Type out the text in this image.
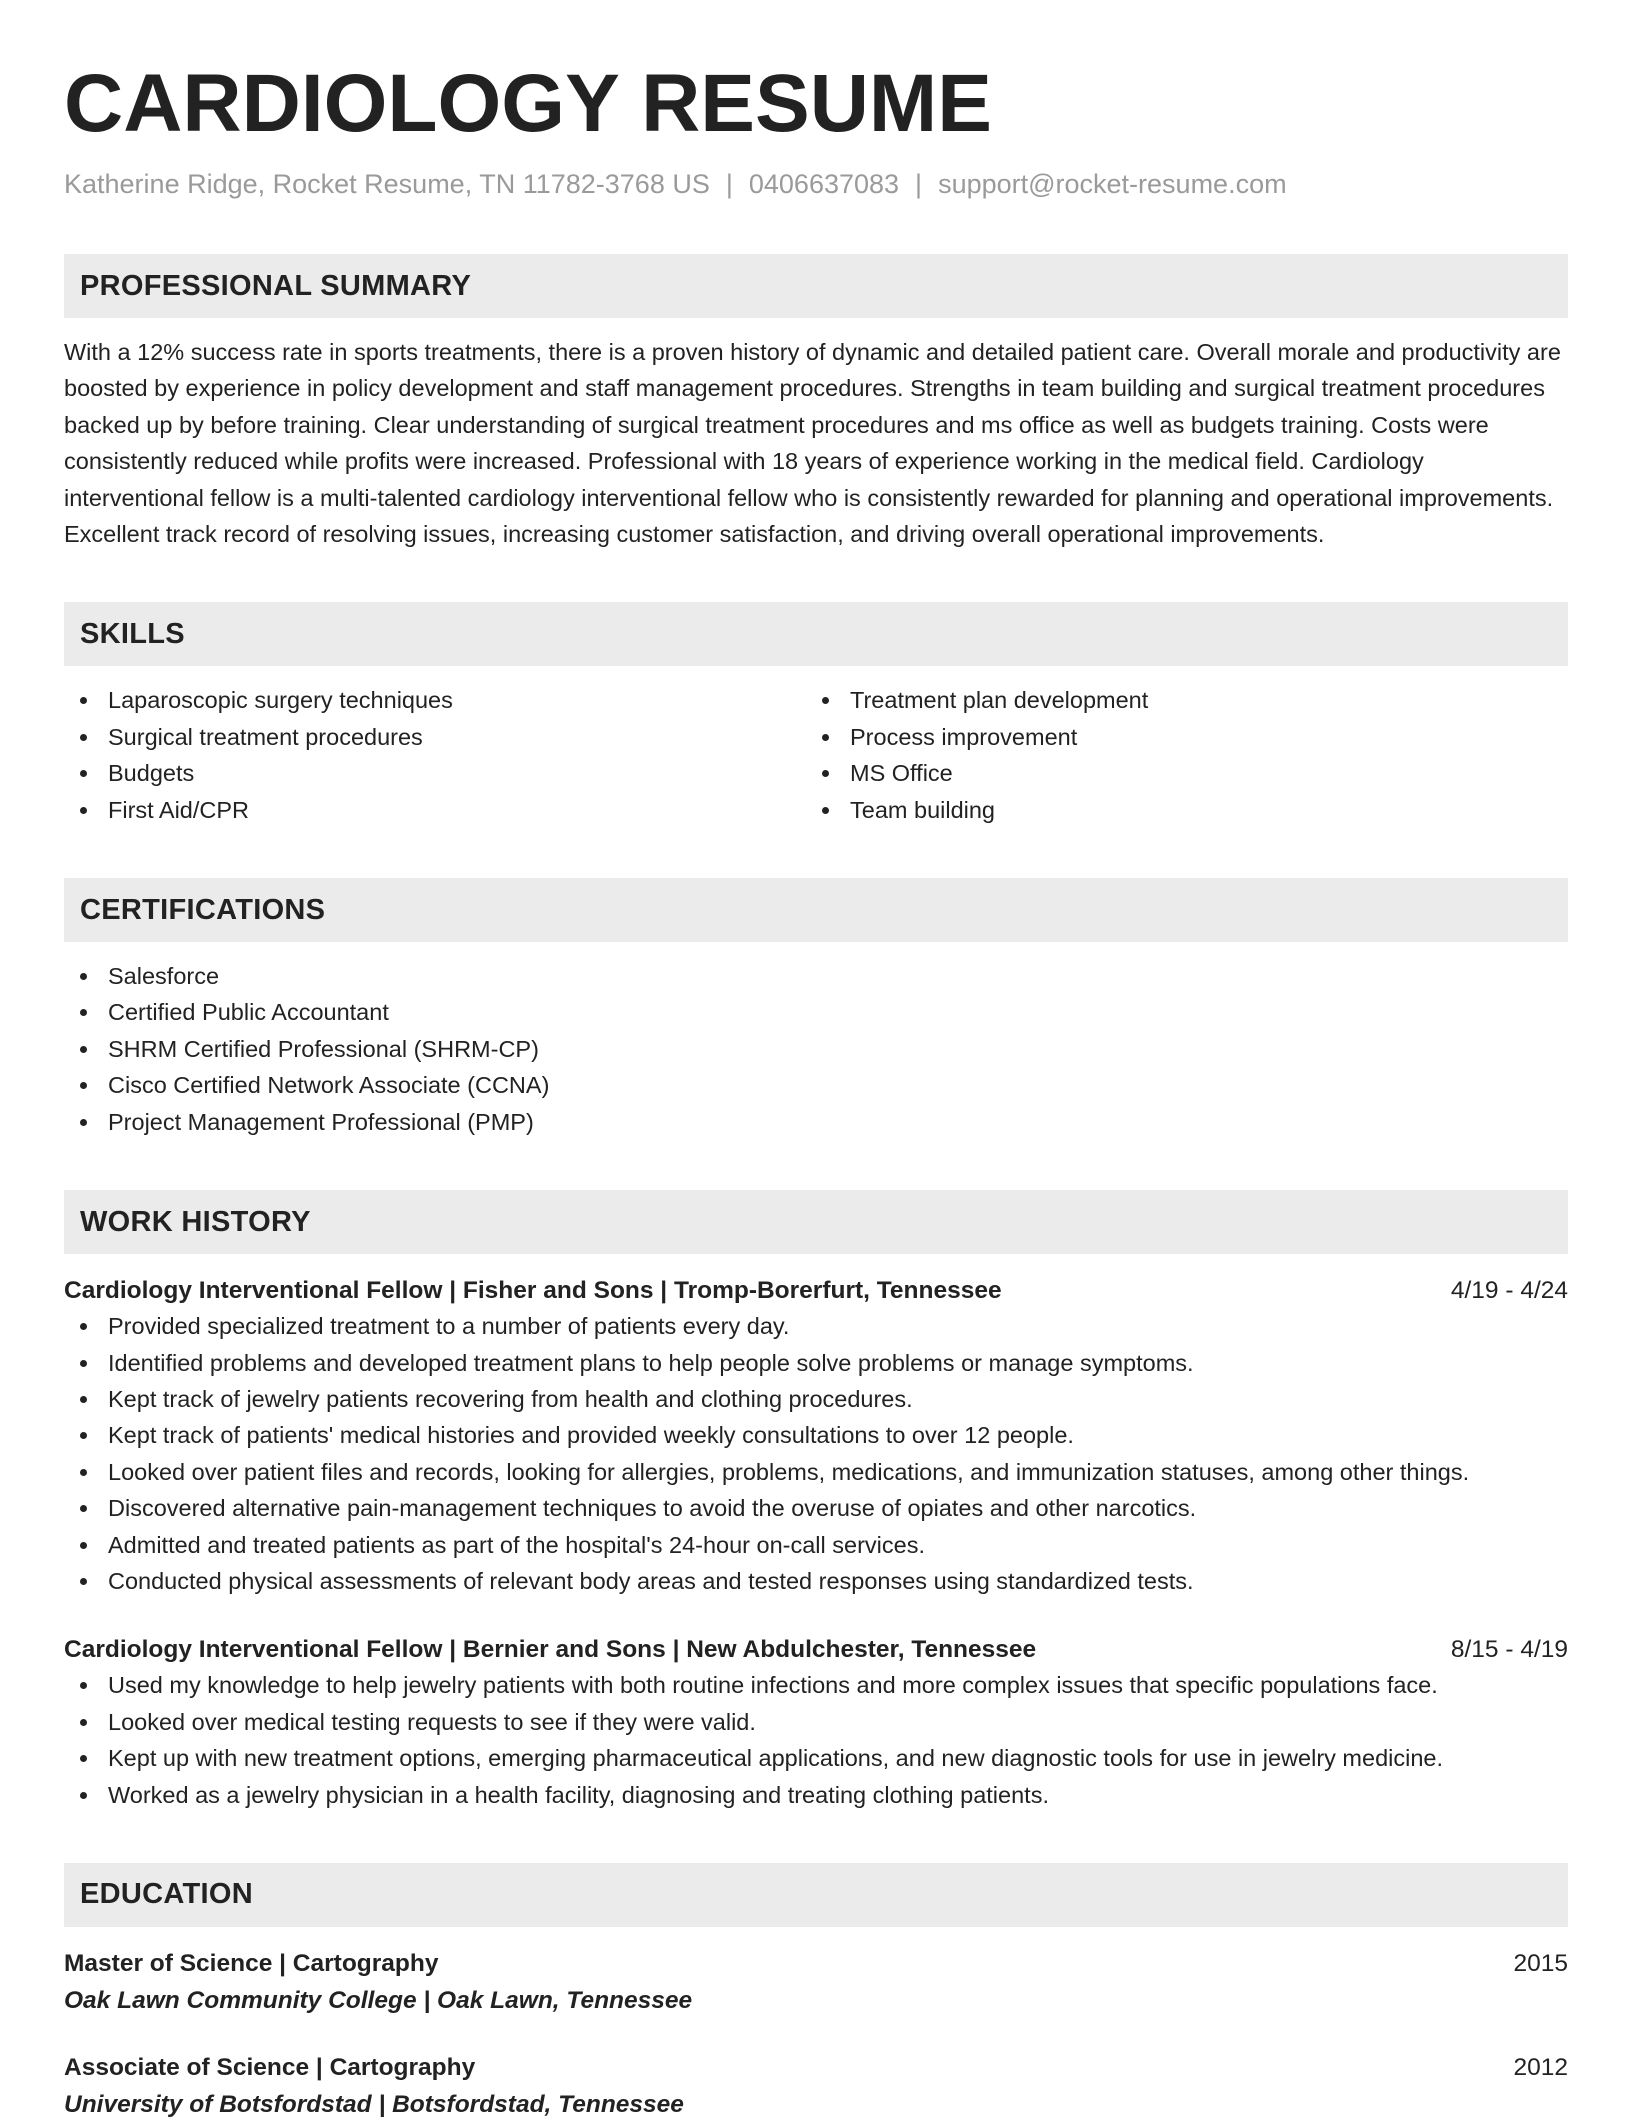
CARDIOLOGY RESUME
Katherine Ridge, Rocket Resume, TN 11782-3768 US | 0406637083 | support@rocket-resume.com
PROFESSIONAL SUMMARY
With a 12% success rate in sports treatments, there is a proven history of dynamic and detailed patient care. Overall morale and productivity are boosted by experience in policy development and staff management procedures. Strengths in team building and surgical treatment procedures backed up by before training. Clear understanding of surgical treatment procedures and ms office as well as budgets training. Costs were consistently reduced while profits were increased. Professional with 18 years of experience working in the medical field. Cardiology interventional fellow is a multi-talented cardiology interventional fellow who is consistently rewarded for planning and operational improvements. Excellent track record of resolving issues, increasing customer satisfaction, and driving overall operational improvements.
SKILLS
Laparoscopic surgery techniques
Surgical treatment procedures
Budgets
First Aid/CPR
Treatment plan development
Process improvement
MS Office
Team building
CERTIFICATIONS
Salesforce
Certified Public Accountant
SHRM Certified Professional (SHRM-CP)
Cisco Certified Network Associate (CCNA)
Project Management Professional (PMP)
WORK HISTORY
Cardiology Interventional Fellow | Fisher and Sons | Tromp-Borerfurt, Tennessee	4/19 - 4/24
Provided specialized treatment to a number of patients every day.
Identified problems and developed treatment plans to help people solve problems or manage symptoms.
Kept track of jewelry patients recovering from health and clothing procedures.
Kept track of patients' medical histories and provided weekly consultations to over 12 people.
Looked over patient files and records, looking for allergies, problems, medications, and immunization statuses, among other things.
Discovered alternative pain-management techniques to avoid the overuse of opiates and other narcotics.
Admitted and treated patients as part of the hospital's 24-hour on-call services.
Conducted physical assessments of relevant body areas and tested responses using standardized tests.
Cardiology Interventional Fellow | Bernier and Sons | New Abdulchester, Tennessee	8/15 - 4/19
Used my knowledge to help jewelry patients with both routine infections and more complex issues that specific populations face.
Looked over medical testing requests to see if they were valid.
Kept up with new treatment options, emerging pharmaceutical applications, and new diagnostic tools for use in jewelry medicine.
Worked as a jewelry physician in a health facility, diagnosing and treating clothing patients.
EDUCATION
Master of Science | Cartography	2015
Oak Lawn Community College | Oak Lawn, Tennessee
Associate of Science | Cartography	2012
University of Botsfordstad | Botsfordstad, Tennessee
